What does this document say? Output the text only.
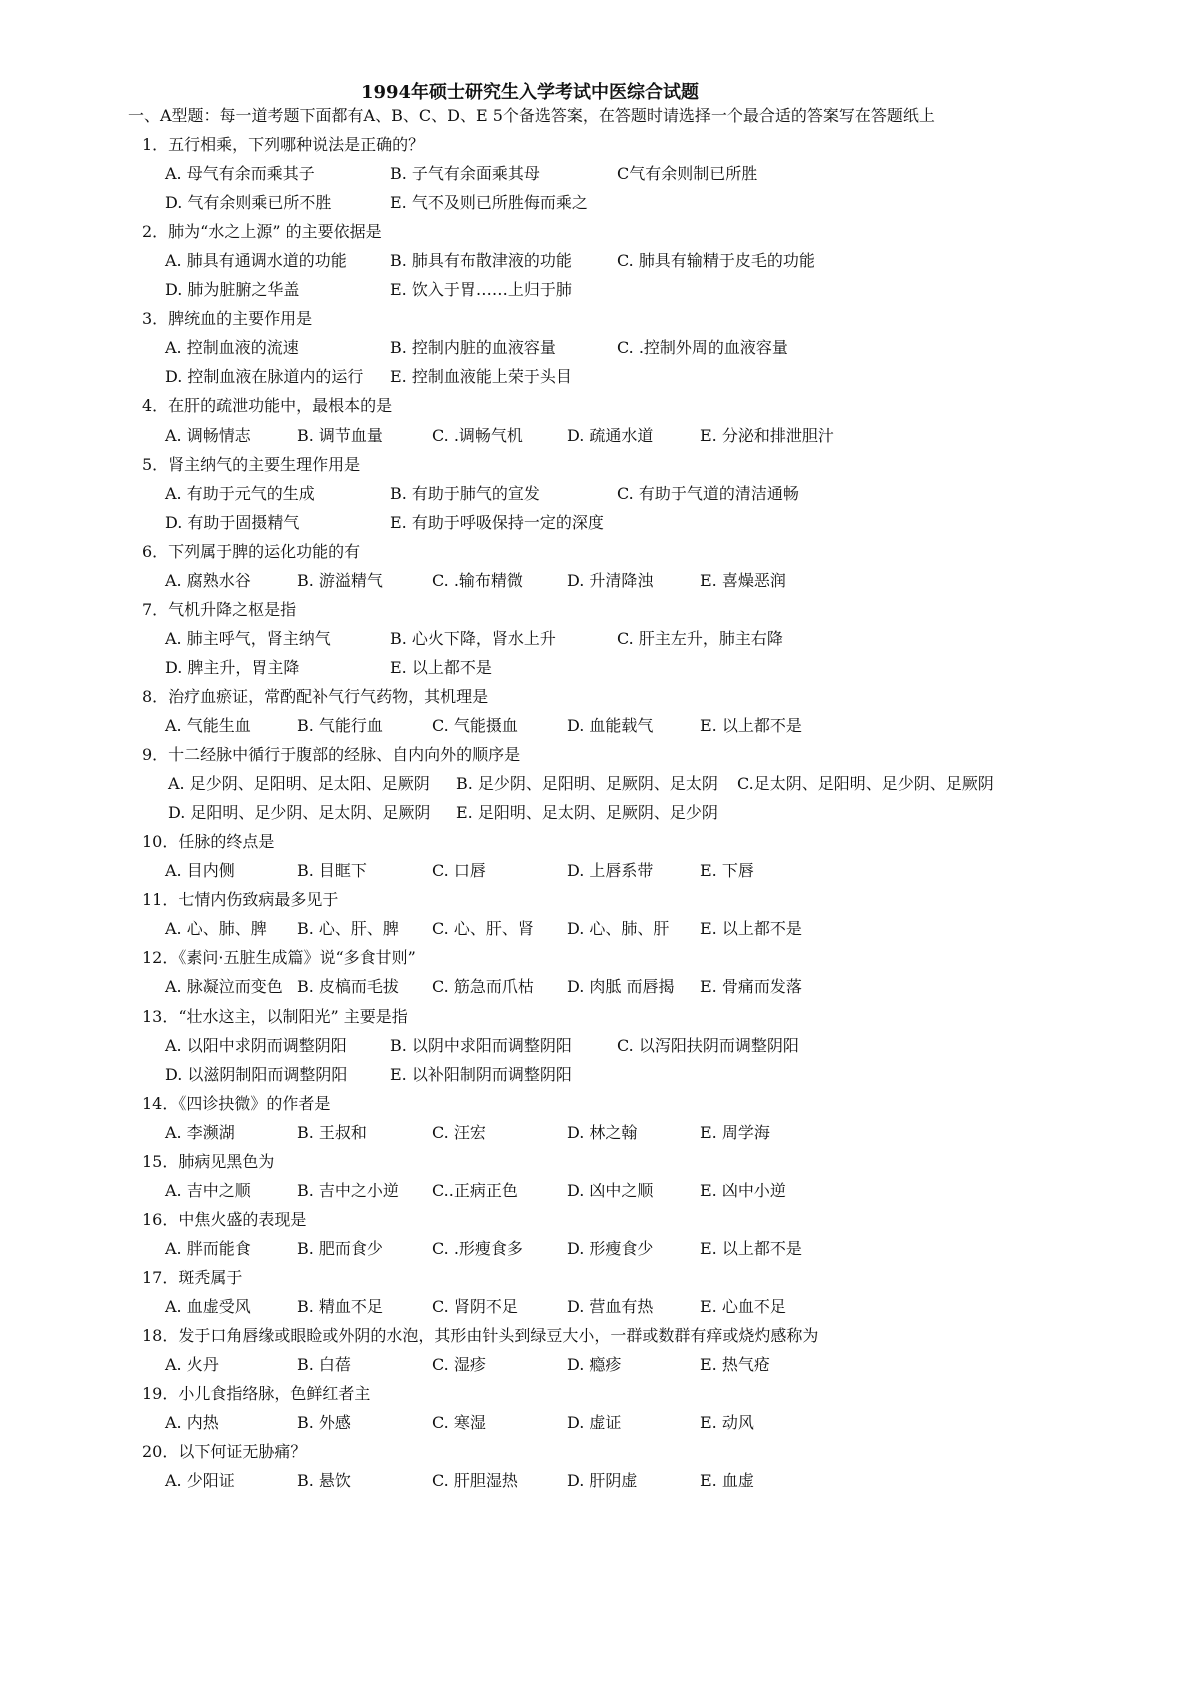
1994年硕士研究生入学考试中医综合试题
一、A型题：每一道考题下面都有A、B、C、D、E 5个备选答案，在答题时请选择一个最合适的答案写在答题纸上
1．五行相乘，下列哪种说法是正确的？
A. 母气有余而乘其子	B. 子气有余面乘其母	C气有余则制已所胜
D. 气有余则乘已所不胜	E. 气不及则已所胜侮而乘之
2．肺为“水之上源” 的主要依据是
A. 肺具有通调水道的功能	B. 肺具有布散津液的功能	C. 肺具有输精于皮毛的功能
D. 肺为脏腑之华盖	E. 饮入于胃……上归于肺
3．脾统血的主要作用是
A. 控制血液的流速	B. 控制内脏的血液容量	C. .控制外周的血液容量
D. 控制血液在脉道内的运行 E. 控制血液能上荣于头目
4．在肝的疏泄功能中，最根本的是
A. 调畅情志	B. 调节血量	C. .调畅气机	D. 疏通水道	E. 分泌和排泄胆汁
5．肾主纳气的主要生理作用是
A. 有助于元气的生成	B. 有助于肺气的宣发	C. 有助于气道的清洁通畅
D. 有助于固摄精气	E. 有助于呼吸保持一定的深度
6．下列属于脾的运化功能的有
A. 腐熟水谷	B. 游溢精气	C. .输布精微	D. 升清降浊	E. 喜燥恶润
7．气机升降之枢是指
A. 肺主呼气，肾主纳气	B. 心火下降，肾水上升	C. 肝主左升，肺主右降
D. 脾主升，胃主降	E. 以上都不是
8．治疗血瘀证，常酌配补气行气药物，其机理是
A. 气能生血	B. 气能行血	C. 气能摄血	D. 血能载气	E. 以上都不是
9．十二经脉中循行于腹部的经脉、自内向外的顺序是
A. 足少阴、足阳明、足太阳、足厥阴 B. 足少阴、足阳明、足厥阴、足太阴 C.足太阴、足阳明、足少阴、足厥阴
D. 足阳明、足少阴、足太阴、足厥阴 E. 足阳明、足太阴、足厥阴、足少阴
10．任脉的终点是
A. 目内侧	B. 目眶下	C. 口唇	D. 上唇系带	E. 下唇
11．七情内伤致病最多见于
A. 心、肺、脾 B. 心、肝、脾 C. 心、肝、肾 D. 心、肺、肝 E. 以上都不是
12．《素问·五脏生成篇》说“多食甘则”
A. 脉凝泣而变色 B. 皮槁而毛拔 C. 筋急而爪枯 D. 肉胝 而唇揭 E. 骨痛而发落
13．“壮水这主，以制阳光” 主要是指
A. 以阳中求阴而调整阴阳	B. 以阴中求阳而调整阴阳	C. 以泻阳扶阴而调整阴阳
D. 以滋阴制阳而调整阴阳	E. 以补阳制阴而调整阴阳
14．《四诊抉微》的作者是
A. 李濒湖	B. 王叔和	C. 汪宏	D. 林之翰	E. 周学海
15．肺病见黑色为
A. 吉中之顺	B. 吉中之小逆 C..正病正色	D. 凶中之顺	E. 凶中小逆
16．中焦火盛的表现是
A. 胖而能食	B. 肥而食少	C. .形瘦食多	D. 形瘦食少	E. 以上都不是
17．斑秃属于
A. 血虚受风	B. 精血不足	C. 肾阴不足	D. 营血有热	E. 心血不足
18．发于口角唇缘或眼睑或外阴的水泡，其形由针头到绿豆大小，一群或数群有痒或烧灼感称为
A. 火丹	B. 白蓓	C. 湿疹	D. 瘾疹	E. 热气疮
19．小儿食指络脉，色鲜红者主
A. 内热	B. 外感	C. 寒湿	D. 虚证	E. 动风
20．以下何证无胁痛？
A. 少阳证	B. 悬饮	C. 肝胆湿热	D. 肝阴虚	E. 血虚
